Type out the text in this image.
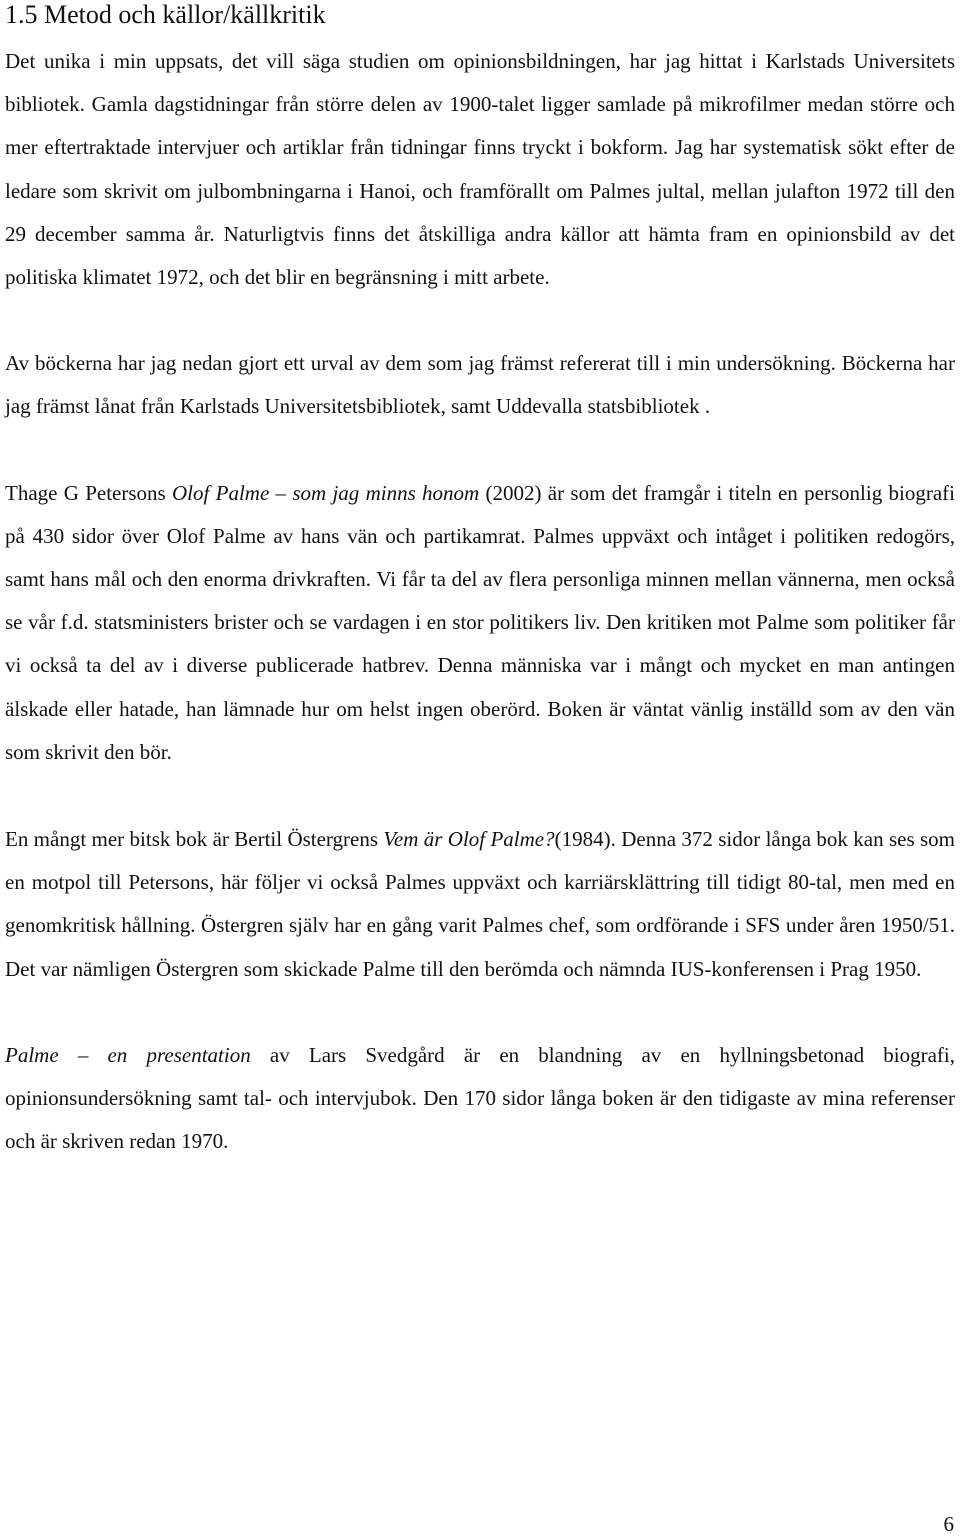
1.5 Metod och källor/källkritik

Det unika i min uppsats, det vill säga studien om opinionsbildningen, har jag hittat i Karlstads Universitets bibliotek. Gamla dagstidningar från större delen av 1900-talet ligger samlade på mikrofilmer medan större och mer eftertraktade intervjuer och artiklar från tidningar finns tryckt i bokform. Jag har systematisk sökt efter de ledare som skrivit om julbombningarna i Hanoi, och framförallt om Palmes jultal, mellan julafton 1972 till den 29 december samma år. Naturligtvis finns det åtskilliga andra källor att hämta fram en opinionsbild av det politiska klimatet 1972, och det blir en begränsning i mitt arbete.

Av böckerna har jag nedan gjort ett urval av dem som jag främst refererat till i min undersökning. Böckerna har jag främst lånat från Karlstads Universitetsbibliotek, samt Uddevalla statsbibliotek .

Thage G Petersons Olof Palme – som jag minns honom (2002) är som det framgår i titeln en personlig biografi på 430 sidor över Olof Palme av hans vän och partikamrat. Palmes uppväxt och intåget i politiken redogörs, samt hans mål och den enorma drivkraften. Vi får ta del av flera personliga minnen mellan vännerna, men också se vår f.d. statsministers brister och se vardagen i en stor politikers liv. Den kritiken mot Palme som politiker får vi också ta del av i diverse publicerade hatbrev. Denna människa var i mångt och mycket en man antingen älskade eller hatade, han lämnade hur om helst ingen oberörd. Boken är väntat vänlig inställd som av den vän som skrivit den bör.

En mångt mer bitsk bok är Bertil Östergrens Vem är Olof Palme?(1984). Denna 372 sidor långa bok kan ses som en motpol till Petersons, här följer vi också Palmes uppväxt och karriärsklättring till tidigt 80-tal, men med en genomkritisk hållning. Östergren själv har en gång varit Palmes chef, som ordförande i SFS under åren 1950/51. Det var nämligen Östergren som skickade Palme till den berömda och nämnda IUS-konferensen i Prag 1950.

Palme – en presentation av Lars Svedgård är en blandning av en hyllningsbetonad biografi, opinionsundersökning samt tal- och intervjubok. Den 170 sidor långa boken är den tidigaste av mina referenser och är skriven redan 1970.

6
